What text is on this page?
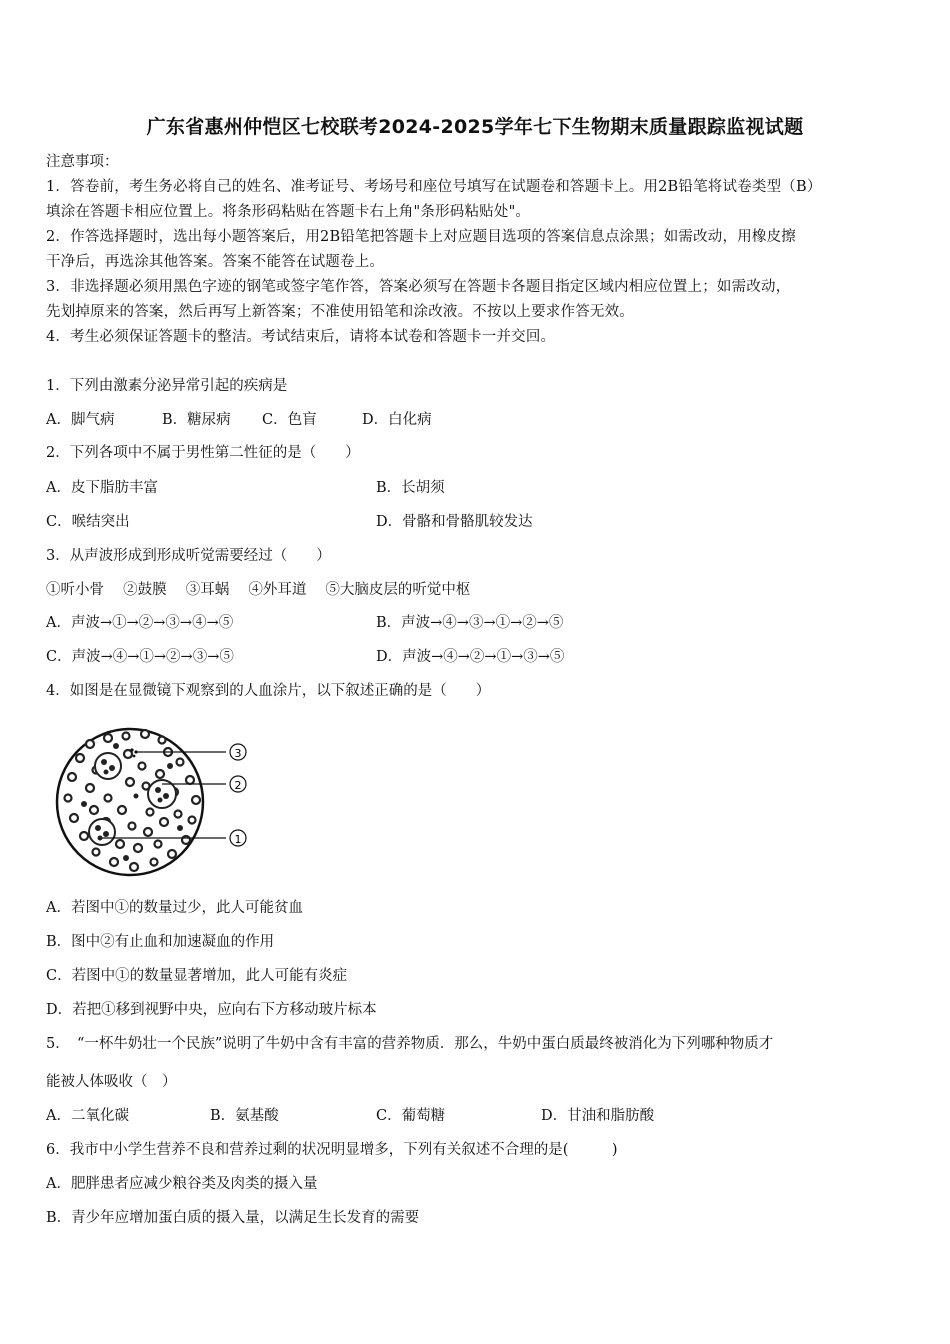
广东省惠州仲恺区七校联考2024-2025学年七下生物期末质量跟踪监视试题
注意事项：
1．答卷前，考生务必将自己的姓名、准考证号、考场号和座位号填写在试题卷和答题卡上。用2B铅笔将试卷类型（B）
填涂在答题卡相应位置上。将条形码粘贴在答题卡右上角"条形码粘贴处"。
2．作答选择题时，选出每小题答案后，用2B铅笔把答题卡上对应题目选项的答案信息点涂黑；如需改动，用橡皮擦
干净后，再选涂其他答案。答案不能答在试题卷上。
3．非选择题必须用黑色字迹的钢笔或签字笔作答，答案必须写在答题卡各题目指定区域内相应位置上；如需改动，
先划掉原来的答案，然后再写上新答案；不准使用铅笔和涂改液。不按以上要求作答无效。
4．考生必须保证答题卡的整洁。考试结束后，请将本试卷和答题卡一并交回。
1．下列由激素分泌异常引起的疾病是
A．脚气病	B．糖尿病 C．色盲	D．白化病
2．下列各项中不属于男性第二性征的是（　　）
A．皮下脂肪丰富	B．长胡须
C．喉结突出	D．骨骼和骨骼肌较发达
3．从声波形成到形成听觉需要经过（　　）
①听小骨　 ②鼓膜　 ③耳蜗　 ④外耳道　 ⑤大脑皮层的听觉中枢
A．声波→①→②→③→④→⑤	B．声波→④→③→①→②→⑤
C．声波→④→①→②→③→⑤	D．声波→④→②→①→③→⑤
4．如图是在显微镜下观察到的人血涂片，以下叙述正确的是（　　）
3
2
1
A．若图中①的数量过少，此人可能贫血
B．图中②有止血和加速凝血的作用
C．若图中①的数量显著增加，此人可能有炎症
D．若把①移到视野中央，应向右下方移动玻片标本
5．　“一杯牛奶壮一个民族”说明了牛奶中含有丰富的营养物质．那么，牛奶中蛋白质最终被消化为下列哪种物质才
能被人体吸收（　）
A．二氧化碳	B．氨基酸	C．葡萄糖	D．甘油和脂肪酸
6．我市中小学生营养不良和营养过剩的状况明显增多，下列有关叙述不合理的是(　　　)
A．肥胖患者应减少粮谷类及肉类的摄入量
B．青少年应增加蛋白质的摄入量，以满足生长发育的需要
